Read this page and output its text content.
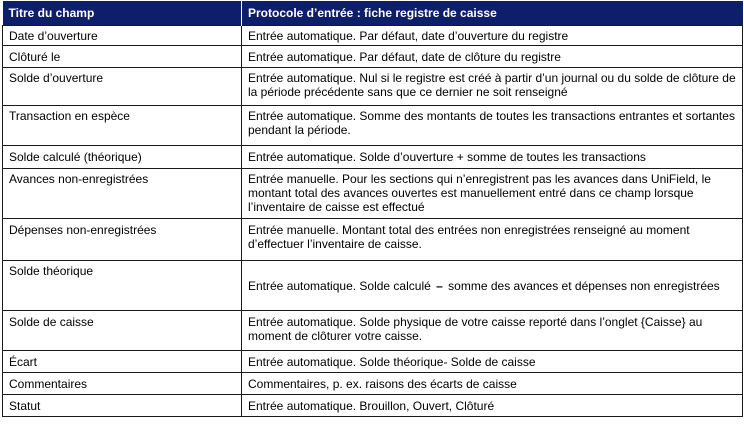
Titre du champ	Protocole d’entrée : fiche registre de caisse
Date d’ouverture	Entrée automatique. Par défaut, date d’ouverture du registre
Clôturé le	Entrée automatique. Par défaut, date de clôture du registre
Solde d’ouverture	Entrée automatique. Nul si le registre est créé à partir d’un journal ou du solde de clôture de la période précédente sans que ce dernier ne soit renseigné
Transaction en espèce	Entrée automatique. Somme des montants de toutes les transactions entrantes et sortantes pendant la période.
Solde calculé (théorique)	Entrée automatique. Solde d’ouverture + somme de toutes les transactions
Avances non-enregistrées	Entrée manuelle. Pour les sections qui n’enregistrent pas les avances dans UniField, le montant total des avances ouvertes est manuellement entré dans ce champ lorsque l’inventaire de caisse est effectué
Dépenses non-enregistrées	Entrée manuelle. Montant total des entrées non enregistrées renseigné au moment d’effectuer l’inventaire de caisse.
Solde théorique	Entrée automatique. Solde calculé – somme des avances et dépenses non enregistrées
Solde de caisse	Entrée automatique. Solde physique de votre caisse reporté dans l’onglet {Caisse} au moment de clôturer votre caisse.
Écart	Entrée automatique. Solde théorique- Solde de caisse
Commentaires	Commentaires, p. ex. raisons des écarts de caisse
Statut	Entrée automatique. Brouillon, Ouvert, Clôturé
